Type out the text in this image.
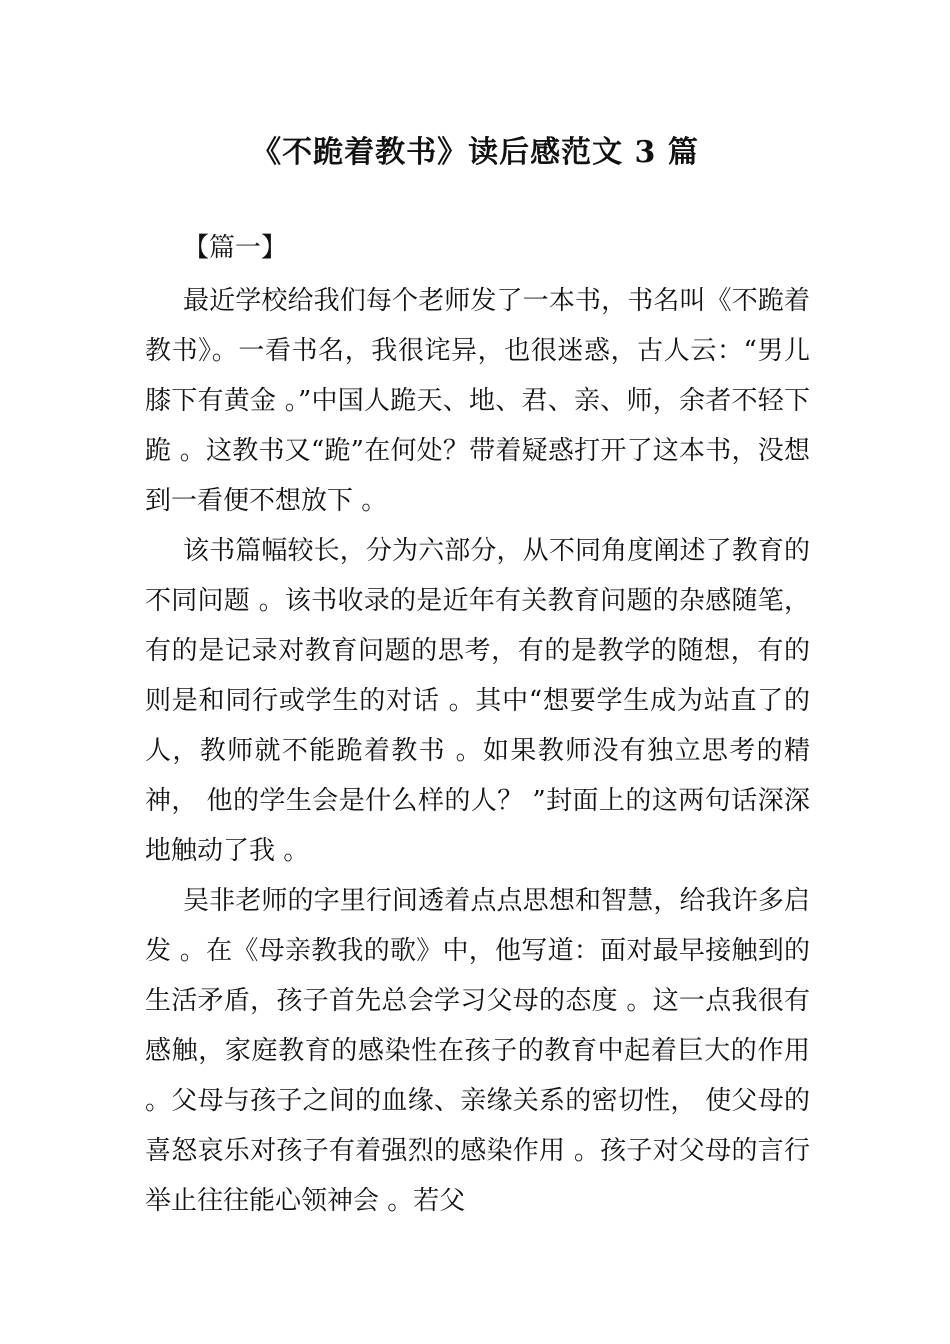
《不跪着教书》读后感范文 3 篇
【篇一】

最近学校给我们每个老师发了一本书，书名叫《不跪着教书》。一看书名，我很诧异，也很迷惑，古人云：“男儿膝下有黄金 。”中国人跪天、地、君、亲、师，余者不轻下跪 。这教书又“跪”在何处？带着疑惑打开了这本书，没想到一看便不想放下 。

该书篇幅较长，分为六部分，从不同角度阐述了教育的不同问题 。该书收录的是近年有关教育问题的杂感随笔， 有的是记录对教育问题的思考，有的是教学的随想，有的则是和同行或学生的对话 。其中“想要学生成为站直了的人，教师就不能跪着教书 。如果教师没有独立思考的精神， 他的学生会是什么样的人？ ”封面上的这两句话深深地触动了我 。

吴非老师的字里行间透着点点思想和智慧，给我许多启发 。在《母亲教我的歌》中，他写道：面对最早接触到的生活矛盾，孩子首先总会学习父母的态度 。这一点我很有感触，家庭教育的感染性在孩子的教育中起着巨大的作用 。父母与孩子之间的血缘、亲缘关系的密切性， 使父母的喜怒哀乐对孩子有着强烈的感染作用 。孩子对父母的言行举止往往能心领神会 。若父
